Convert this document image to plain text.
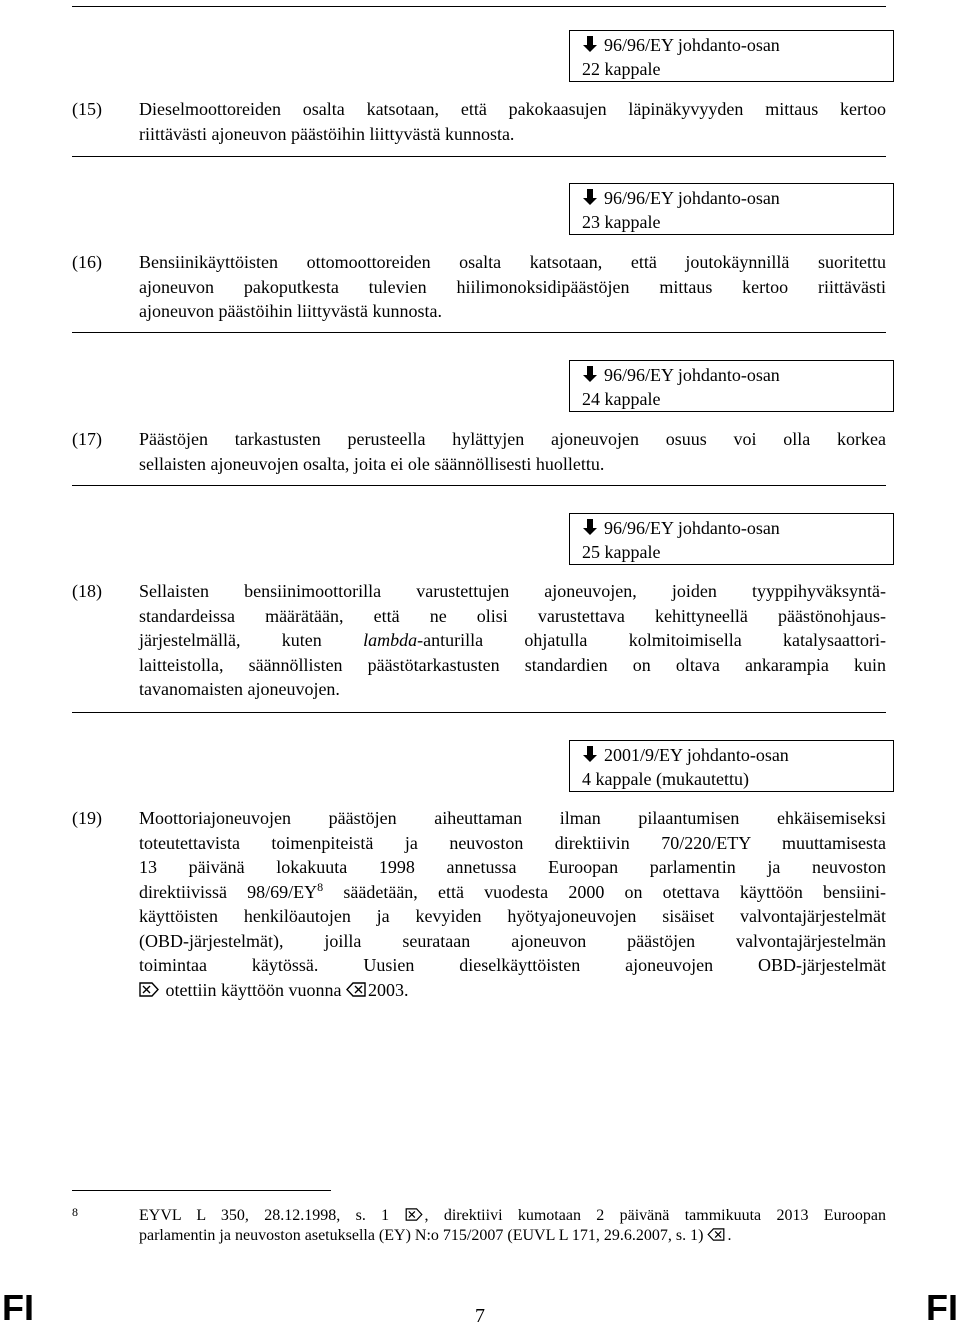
96/96/EY johdanto-osan
22 kappale
(15) Dieselmoottoreiden osalta katsotaan, että pakokaasujen läpinäkyvyyden mittaus kertoo
riittävästi ajoneuvon päästöihin liittyvästä kunnosta.
96/96/EY johdanto-osan
23 kappale
(16) Bensiinikäyttöisten ottomoottoreiden osalta katsotaan, että joutokäynnillä suoritettu
ajoneuvon pakoputkesta tulevien hiilimonoksidipäästöjen mittaus kertoo riittävästi
ajoneuvon päästöihin liittyvästä kunnosta.
96/96/EY johdanto-osan
24 kappale
(17) Päästöjen tarkastusten perusteella hylättyjen ajoneuvojen osuus voi olla korkea
sellaisten ajoneuvojen osalta, joita ei ole säännöllisesti huollettu.
96/96/EY johdanto-osan
25 kappale
(18) Sellaisten bensiinimoottorilla varustettujen ajoneuvojen, joiden tyyppihyväksyntä-
standardeissa määrätään, että ne olisi varustettava kehittyneellä päästönohjaus-
järjestelmällä, kuten lambda-anturilla ohjatulla kolmitoimisella katalysaattori-
laitteistolla, säännöllisten päästötarkastusten standardien on oltava ankarampia kuin
tavanomaisten ajoneuvojen.
2001/9/EY johdanto-osan
4 kappale (mukautettu)
(19) Moottoriajoneuvojen päästöjen aiheuttaman ilman pilaantumisen ehkäisemiseksi
toteutettavista toimenpiteistä ja neuvoston direktiivin 70/220/ETY muuttamisesta
13 päivänä lokakuuta 1998 annetussa Euroopan parlamentin ja neuvoston
direktiivissä $98/69/EY^8$ säädetään, että vuodesta 2000 on otettava käyttöön bensiini-
käyttöisten henkilöautojen ja kevyiden hyötyajoneuvojen sisäiset valvontajärjestelmät
(OBD-järjestelmät), joilla seurataan ajoneuvon päästöjen valvontajärjestelmän
toimintaa käytössä. Uusien dieselkäyttöisten ajoneuvojen OBD-järjestelmät
otettiin käyttöön vuonna 2003.
8	EYVL L 350, 28.12.1998, s. 1 , direktiivi kumotaan 2 päivänä tammikuuta 2013 Euroopan
parlamentin ja neuvoston asetuksella (EY) N:o 715/2007 (EUVL L 171, 29.6.2007, s. 1) .
FI	7	FI
